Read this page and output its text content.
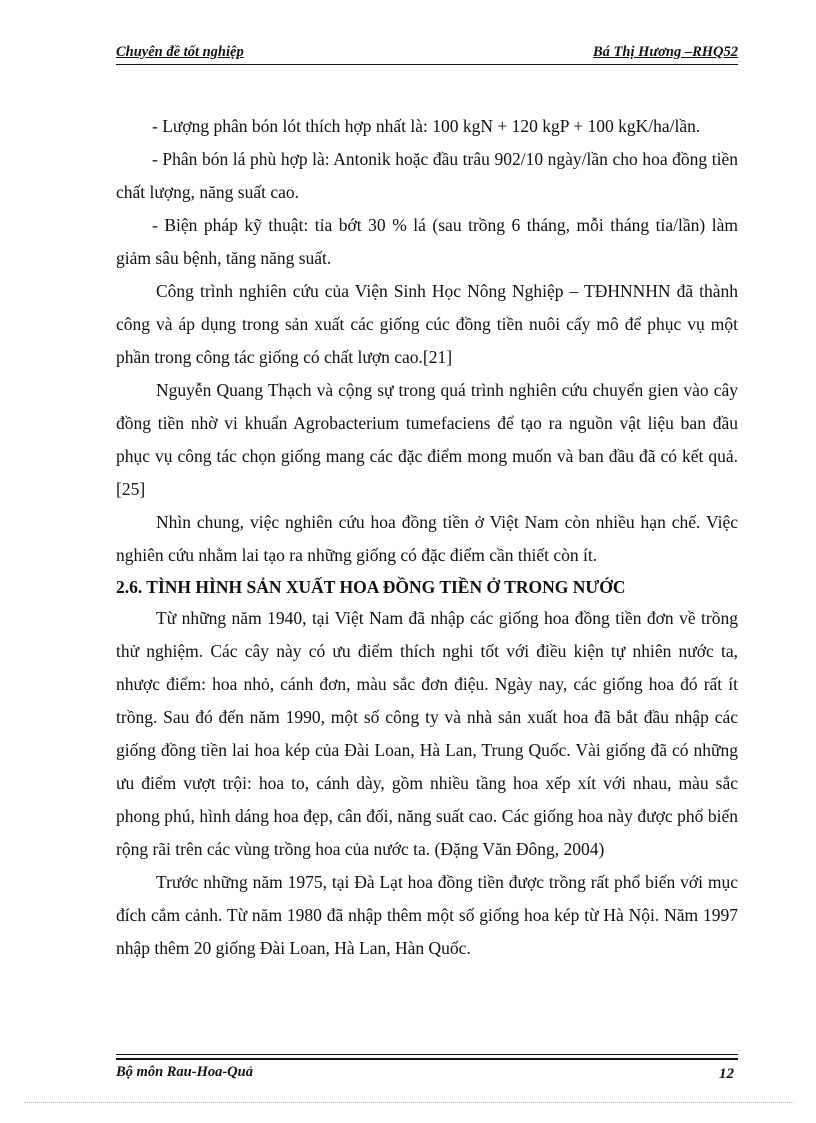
Chuyên đề tốt nghiệp	Bá Thị Hương –RHQ52

- Lượng phân bón lót thích hợp nhất là: 100 kgN + 120 kgP + 100 kgK/ha/lần.

- Phân bón lá phù hợp là: Antonik hoặc đầu trâu 902/10 ngày/lần cho hoa đồng tiền chất lượng, năng suất cao.

- Biện pháp kỹ thuật: tỉa bớt 30 % lá (sau trồng 6 tháng, mỗi tháng tỉa/lần) làm giảm sâu bệnh, tăng năng suất.

Công trình nghiên cứu của Viện Sinh Học Nông Nghiệp – TĐHNNHN đã thành công và áp dụng trong sản xuất các giống cúc đồng tiền nuôi cấy mô để phục vụ một phần trong công tác giống có chất lượn cao.[21]

Nguyễn Quang Thạch và cộng sự trong quá trình nghiên cứu chuyển gien vào cây đồng tiền nhờ vi khuẩn Agrobacterium tumefaciens để tạo ra nguồn vật liệu ban đầu phục vụ công tác chọn giống mang các đặc điểm mong muốn và ban đầu đã có kết quả.[25]

Nhìn chung, việc nghiên cứu hoa đồng tiền ở Việt Nam còn nhiều hạn chế. Việc nghiên cứu nhằm lai tạo ra những giống có đặc điểm cần thiết còn ít.

2.6. TÌNH HÌNH SẢN XUẤT HOA ĐỒNG TIỀN Ở TRONG NƯỚC

Từ những năm 1940, tại Việt Nam đã nhập các giống hoa đồng tiền đơn về trồng thử nghiệm. Các cây này có ưu điểm thích nghi tốt với điều kiện tự nhiên nước ta, nhược điểm: hoa nhỏ, cánh đơn, màu sắc đơn điệu. Ngày nay, các giống hoa đó rất ít trồng. Sau đó đến năm 1990, một số công ty và nhà sản xuất hoa đã bắt đầu nhập các giống đồng tiền lai hoa kép của Đài Loan, Hà Lan, Trung Quốc. Vài giống đã có những ưu điểm vượt trội: hoa to, cánh dày, gồm nhiều tầng hoa xếp xít với nhau, màu sắc phong phú, hình dáng hoa đẹp, cân đối, năng suất cao. Các giống hoa này được phổ biến rộng rãi trên các vùng trồng hoa của nước ta. (Đặng Văn Đông, 2004)

Trước những năm 1975, tại Đà Lạt hoa đồng tiền được trồng rất phổ biến với mục đích cắm cảnh. Từ năm 1980 đã nhập thêm một số giống hoa kép từ Hà Nội. Năm 1997 nhập thêm 20 giống Đài Loan, Hà Lan, Hàn Quốc.

Bộ môn Rau-Hoa-Quả	12
